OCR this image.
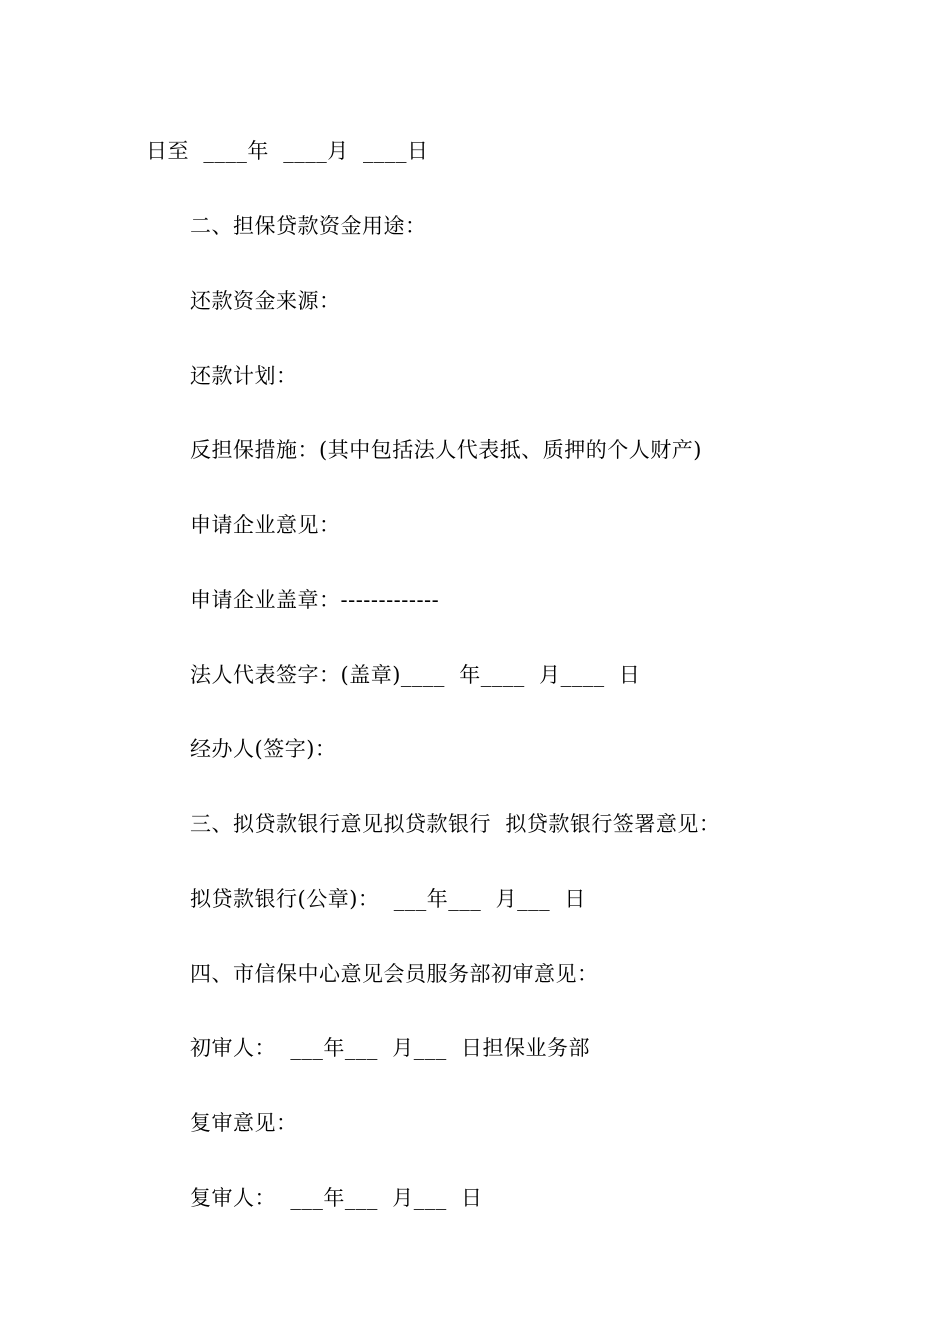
日至  ____年  ____月  ____日
二、担保贷款资金用途：
还款资金来源：
还款计划：
反担保措施：(其中包括法人代表抵、质押的个人财产)
申请企业意见：
申请企业盖章：-------------
法人代表签字：(盖章)____  年____  月____  日
经办人(签字)：
三、拟贷款银行意见拟贷款银行  拟贷款银行签署意见：
拟贷款银行(公章)：  ___年___  月___  日
四、市信保中心意见会员服务部初审意见：
初审人：  ___年___  月___  日担保业务部
复审意见：
复审人：  ___年___  月___  日
